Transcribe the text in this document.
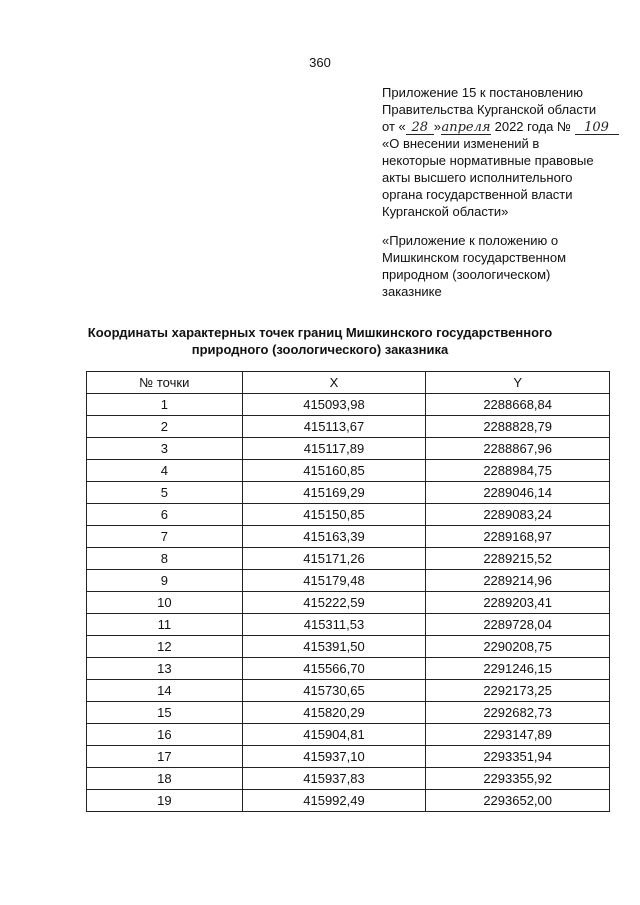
360
Приложение 15 к постановлению
Правительства Курганской области
от « 28 »апреля 2022 года № 109
«О внесении изменений в
некоторые нормативные правовые
акты высшего исполнительного
органа государственной власти
Курганской области»
«Приложение к положению о
Мишкинском государственном
природном (зоологическом)
заказнике
Координаты характерных точек границ Мишкинского государственного
природного (зоологического) заказника
№ точки	X	Y
1	415093,98	2288668,84
2	415113,67	2288828,79
3	415117,89	2288867,96
4	415160,85	2288984,75
5	415169,29	2289046,14
6	415150,85	2289083,24
7	415163,39	2289168,97
8	415171,26	2289215,52
9	415179,48	2289214,96
10	415222,59	2289203,41
11	415311,53	2289728,04
12	415391,50	2290208,75
13	415566,70	2291246,15
14	415730,65	2292173,25
15	415820,29	2292682,73
16	415904,81	2293147,89
17	415937,10	2293351,94
18	415937,83	2293355,92
19	415992,49	2293652,00
